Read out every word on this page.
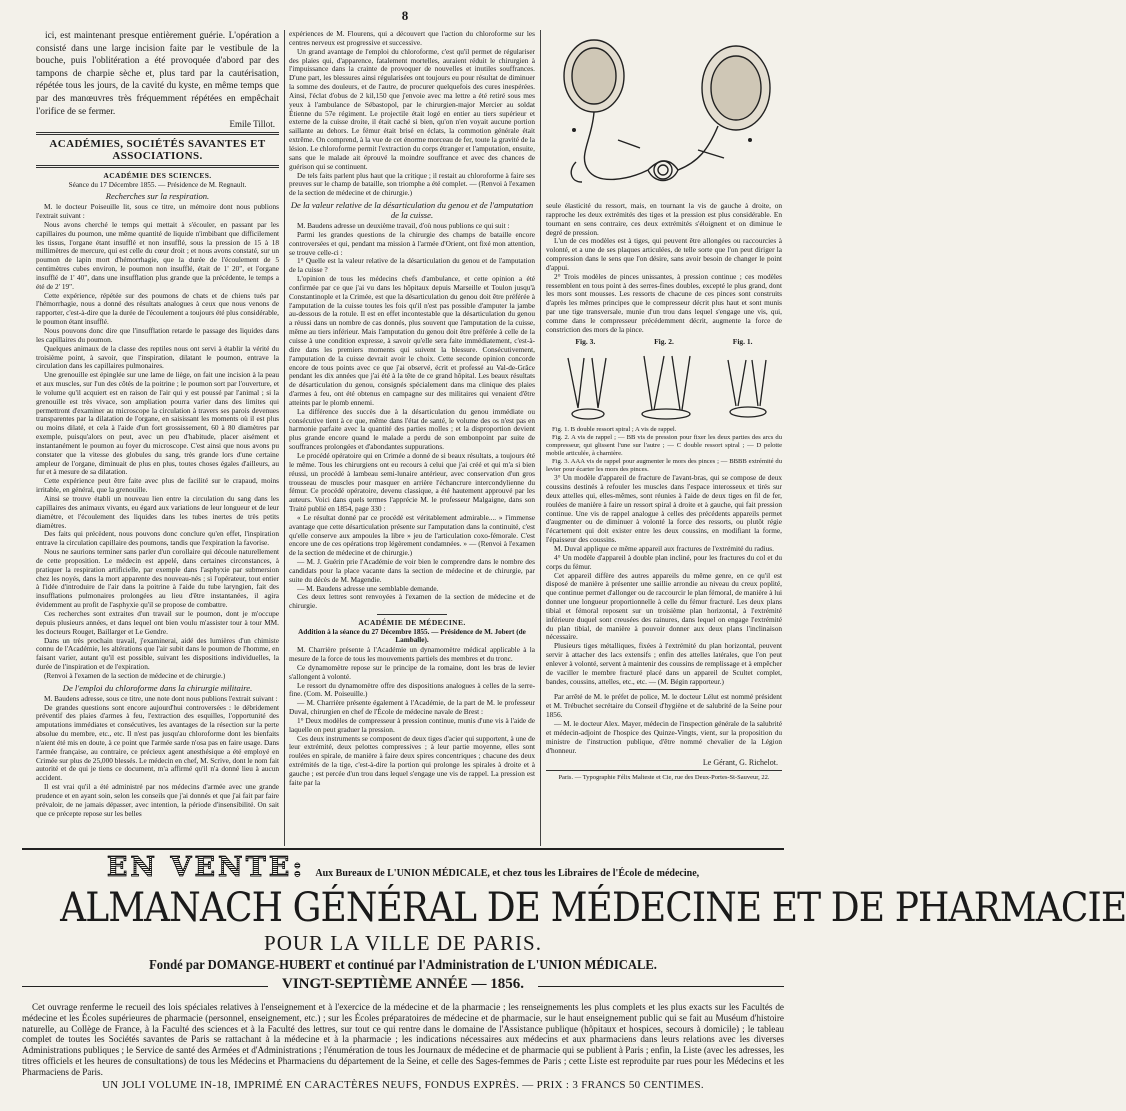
8

ici, est maintenant presque entièrement guérie. L'opération a consisté dans une large incision faite par le vestibule de la bouche, puis l'oblitération a été provoquée d'abord par des tampons de charpie sèche et, plus tard par la cautérisation, répétée tous les jours, de la cavité du kyste, en même temps que par des manœuvres très fréquemment répétées en empêchait l'orifice de se fermer.

Emile Tillot.
ACADÉMIES, SOCIÉTÉS SAVANTES ET ASSOCIATIONS.
ACADÉMIE DES SCIENCES.
Séance du 17 Décembre 1855. — Présidence de M. Regnault.
Recherches sur la respiration.

M. le docteur Poiseuille lit, sous ce titre, un mémoire dont nous publions l'extrait suivant :

Nous avons cherché le temps qui mettait à s'écouler, en passant par les capillaires du poumon, une même quantité de liquide n'imbibant que difficilement les tissus, l'organe étant insufflé et non insufflé, sous la pression de 15 à 18 millimètres de mercure, qui est celle du cœur droit ; et nous avons constaté, sur un poumon de lapin mort d'hémorrhagie, que la durée de l'écoulement de 5 centimètres cubes environ, le poumon non insufflé, était de 1' 20", et l'organe insufflé de 1' 40", dans une insufflation plus grande que la précédente, le temps a été de 2' 19".

Cette expérience, répétée sur des poumons de chats et de chiens tués par l'hémorrhagie, nous a donné des résultats analogues à ceux que nous venons de rapporter, c'est-à-dire que la durée de l'écoulement a toujours été plus considérable, le poumon étant insufflé.

Nous pouvons donc dire que l'insufflation retarde le passage des liquides dans les capillaires du poumon.

Quelques animaux de la classe des reptiles nous ont servi à établir la vérité du troisième point, à savoir, que l'inspiration, dilatant le poumon, entrave la circulation dans les capillaires pulmonaires.

Une grenouille est épinglée sur une lame de liège, on fait une incision à la peau et aux muscles, sur l'un des côtés de la poitrine ; le poumon sort par l'ouverture, et le volume qu'il acquiert est en raison de l'air qui y est poussé par l'animal ; si la grenouille est très vivace, son ampliation pourra varier dans des limites qui permettront d'examiner au microscope la circulation à travers ses parois devenues transparentes par la dilatation de l'organe, en saisissant les moments où il est plus ou moins dilaté, et cela à l'aide d'un fort grossissement, 60 à 80 diamètres par exemple, puisqu'alors on peut, avec un peu d'habitude, placer aisément et instantanément le poumon au foyer du microscope. C'est ainsi que nous avons pu constater que la vitesse des globules du sang, très grande lors d'une certaine ampleur de l'organe, diminuait de plus en plus, toutes choses égales d'ailleurs, au fur et à mesure de sa dilatation.

Cette expérience peut être faite avec plus de facilité sur le crapaud, moins irritable, en général, que la grenouille.

Ainsi se trouve établi un nouveau lien entre la circulation du sang dans les capillaires des animaux vivants, eu égard aux variations de leur longueur et de leur diamètre, et l'écoulement des liquides dans les tubes inertes de très petits diamètres.

Des faits qui précèdent, nous pouvons donc conclure qu'en effet, l'inspiration entrave la circulation capillaire des poumons, tandis que l'expiration la favorise.

Nous ne saurions terminer sans parler d'un corollaire qui découle naturellement de cette proposition. Le médecin est appelé, dans certaines circonstances, à pratiquer la respiration artificielle, par exemple dans l'asphyxie par submersion chez les noyés, dans la mort apparente des nouveau-nés ; si l'opérateur, tout entier à l'idée d'introduire de l'air dans la poitrine à l'aide du tube laryngien, fait des insufflations pulmonaires prolongées au lieu d'être instantanées, il agira évidemment au profit de l'asphyxie qu'il se propose de combattre.

Ces recherches sont extraites d'un travail sur le poumon, dont je m'occupe depuis plusieurs années, et dans lequel ont bien voulu m'assister tour à tour MM. les docteurs Rouget, Baillarger et Le Gendre.

Dans un très prochain travail, j'examinerai, aidé des lumières d'un chimiste connu de l'Académie, les altérations que l'air subit dans le poumon de l'homme, en faisant varier, autant qu'il est possible, suivant les dispositions individuelles, la durée de l'inspiration et de l'expiration.

(Renvoi à l'examen de la section de médecine et de chirurgie.)

De l'emploi du chloroforme dans la chirurgie militaire.

M. Baudens adresse, sous ce titre, une note dont nous publions l'extrait suivant :

De grandes questions sont encore aujourd'hui controversées : le débridement préventif des plaies d'armes à feu, l'extraction des esquilles, l'opportunité des amputations immédiates et consécutives, les avantages de la résection sur la perte absolue du membre, etc., etc. Il n'est pas jusqu'au chloroforme dont les bienfaits n'aient été mis en doute, à ce point que l'armée sarde n'osa pas en faire usage. Dans l'armée française, au contraire, ce précieux agent anesthésique a été employé en Crimée sur plus de 25,000 blessés. Le médecin en chef, M. Scrive, dont le nom fait autorité et de qui je tiens ce document, m'a affirmé qu'il n'a donné lieu à aucun accident.

Il est vrai qu'il a été administré par nos médecins d'armée avec une grande prudence et en ayant soin, selon les conseils que j'ai donnés et que j'ai fait par faire prévaloir, de ne jamais dépasser, avec intention, la période d'insensibilité. On sait que ce précepte repose sur les belles

expériences de M. Flourens, qui a découvert que l'action du chloroforme sur les centres nerveux est progressive et successive.

Un grand avantage de l'emploi du chloroforme, c'est qu'il permet de régulariser des plaies qui, d'apparence, fatalement mortelles, auraient réduit le chirurgien à l'impuissance dans la crainte de provoquer de nouvelles et inutiles souffrances. D'une part, les blessures ainsi régularisées ont toujours eu pour résultat de diminuer la somme des douleurs, et de l'autre, de procurer quelquefois des cures inespérées. Ainsi, l'éclat d'obus de 2 kil,150 que j'envoie avec ma lettre a été retiré sous mes yeux à l'ambulance de Sébastopol, par le chirurgien-major Mercier au soldat Étienne du 57e régiment. Le projectile était logé en entier au tiers supérieur et externe de la cuisse droite, il était caché si bien, qu'on n'en voyait aucune portion saillante au dehors. Le fémur était brisé en éclats, la commotion générale était extrême. On comprend, à la vue de cet énorme morceau de fer, toute la gravité de la lésion. Le chloroforme permit l'extraction du corps étranger et l'amputation, ensuite, sans que le malade ait éprouvé la moindre souffrance et avec des chances de guérison qui se continuent.

De tels faits parlent plus haut que la critique ; il restait au chloroforme à faire ses preuves sur le champ de bataille, son triomphe a été complet. — (Renvoi à l'examen de la section de médecine et de chirurgie.)

De la valeur relative de la désarticulation du genou et de l'amputation de la cuisse.

M. Baudens adresse un deuxième travail, d'où nous publions ce qui suit :

Parmi les grandes questions de la chirurgie des champs de bataille encore controversées et qui, pendant ma mission à l'armée d'Orient, ont fixé mon attention, se trouve celle-ci :

1° Quelle est la valeur relative de la désarticulation du genou et de l'amputation de la cuisse ?

L'opinion de tous les médecins chefs d'ambulance, et cette opinion a été confirmée par ce que j'ai vu dans les hôpitaux depuis Marseille et Toulon jusqu'à Constantinople et la Crimée, est que la désarticulation du genou doit être préférée à l'amputation de la cuisse toutes les fois qu'il n'est pas possible d'amputer la jambe au-dessous de la rotule. Il est en effet incontestable que la désarticulation du genou a réussi dans un nombre de cas donnés, plus souvent que l'amputation de la cuisse, même au tiers inférieur. Mais l'amputation du genou doit être préférée à celle de la cuisse à une condition expresse, à savoir qu'elle sera faite immédiatement, c'est-à-dire dans les premiers moments qui suivent la blessure. Consécutivement, l'amputation de la cuisse devrait avoir le choix. Cette seconde opinion concorde encore de tous points avec ce que j'ai observé, écrit et professé au Val-de-Grâce pendant les dix années que j'ai été à la tête de ce grand hôpital. Les beaux résultats de désarticulation du genou, consignés spécialement dans ma clinique des plaies d'armes à feu, ont été obtenus en campagne sur des militaires qui venaient d'être atteints par le plomb ennemi.

La différence des succès due à la désarticulation du genou immédiate ou consécutive tient à ce que, même dans l'état de santé, le volume des os n'est pas en harmonie parfaite avec la quantité des parties molles ; et la disproportion devient plus grande encore quand le malade a perdu de son embonpoint par suite de souffrances prolongées et d'abondantes suppurations.

Le procédé opératoire qui en Crimée a donné de si beaux résultats, a toujours été le même. Tous les chirurgiens ont eu recours à celui que j'ai créé et qui m'a si bien réussi, un procédé à lambeau semi-lunaire antérieur, avec conservation d'un gros trousseau de muscles pour masquer en arrière l'échancrure intercondylienne du fémur. Ce procédé opératoire, devenu classique, a été hautement approuvé par les auteurs. Voici dans quels termes l'apprécie M. le professeur Malgaigne, dans son Traité publié en 1854, page 330 :

« Le résultat donné par ce procédé est véritablement admirable.... » l'immense avantage que cette désarticulation présente sur l'amputation dans la continuité, c'est qu'elle conserve aux ampoules la libre » jeu de l'articulation coxo-fémorale. C'est encore une de ces opérations trop légèrement condamnées. » — (Renvoi à l'examen de la section de médecine et de chirurgie.)

— M. J. Guérin prie l'Académie de voir bien le comprendre dans le nombre des candidats pour la place vacante dans la section de médecine et de chirurgie, par suite du décès de M. Magendie.

— M. Baudens adresse une semblable demande.

Ces deux lettres sont renvoyées à l'examen de la section de médecine et de chirurgie.

ACADÉMIE DE MÉDECINE.
Addition à la séance du 27 Décembre 1855. — Présidence de M. Jobert (de Lamballe).

M. Charrière présente à l'Académie un dynamomètre médical applicable à la mesure de la force de tous les mouvements partiels des membres et du tronc.

Ce dynamomètre repose sur le principe de la romaine, dont les bras de levier s'allongent à volonté.

Le ressort du dynamomètre offre des dispositions analogues à celles de la serre-fine. (Com. M. Poiseuille.)

— M. Charrière présente également à l'Académie, de la part de M. le professeur Duval, chirurgien en chef de l'École de médecine navale de Brest :

1° Deux modèles de compresseur à pression continue, munis d'une vis à l'aide de laquelle on peut graduer la pression.

Ces deux instruments se composent de deux tiges d'acier qui supportent, à une de leur extrémité, deux pelottes compressives ; à leur partie moyenne, elles sont roulées en spirale, de manière à faire deux spires concentriques ; chacune des deux extrémités de la tige, c'est-à-dire la portion qui prolonge les spirales à droite et à gauche ; est percée d'un trou dans lequel s'engage une vis de rappel. La pression est faite par la

seule élasticité du ressort, mais, en tournant la vis de gauche à droite, on rapproche les deux extrémités des tiges et la pression est plus considérable. En tournant en sens contraire, ces deux extrémités s'éloignent et on diminue le degré de pression.

L'un de ces modèles est à tiges, qui peuvent être allongées ou raccourcies à volonté, et a une de ses plaques articulées, de telle sorte que l'on peut diriger la compression dans le sens que l'on désire, sans avoir besoin de changer le point d'appui.

2° Trois modèles de pinces unissantes, à pression continue ; ces modèles ressemblent en tous point à des serres-fines doubles, excepté le plus grand, dont les mors sont mousses. Les ressorts de chacune de ces pinces sont construits d'après les mêmes principes que le compresseur décrit plus haut et sont munis par une tige transversale, munie d'un trou dans lequel s'engage une vis, qui, comme dans le compresseur précédemment décrit, augmente la force de constriction des mors de la pince.

Fig. 3.	Fig. 2.	Fig. 1.

Fig. 1. B double ressort spiral ; A vis de rappel.

Fig. 2. A vis de rappel ; — BB vis de pression pour fixer les deux parties des arcs du compresseur, qui glissent l'une sur l'autre ; — C double ressort spiral ; — D pelotte mobile articulée, à charnière.

Fig. 3. AAA vis de rappel pour augmenter le mors des pinces ; — BBBB extrémité du levier pour écarter les mors des pinces.

3° Un modèle d'appareil de fracture de l'avant-bras, qui se compose de deux coussins destinés à refouler les muscles dans l'espace interosseux et tirés sur deux attelles qui, elles-mêmes, sont réunies à l'aide de deux tiges en fil de fer, roulées de manière à faire un ressort spiral à droite et à gauche, qui fait pression continue. Une vis de rappel analogue à celles des précédents appareils permet d'augmenter ou de diminuer à volonté la force des ressorts, ou plutôt régie l'écartement qui doit exister entre les deux coussins, en modifiant la forme, l'épaisseur des coussins.

M. Duval applique ce même appareil aux fractures de l'extrémité du radius.

4° Un modèle d'appareil à double plan incliné, pour les fractures du col et du corps du fémur.

Cet appareil diffère des autres appareils du même genre, en ce qu'il est disposé de manière à présenter une saillie arrondie au niveau du creux poplité, que continue permet d'allonger ou de raccourcir le plan fémoral, de manière à lui donner une longueur proportionnelle à celle du fémur fracturé. Les deux plans tibial et fémoral reposent sur un troisième plan horizontal, à l'extrémité inférieure duquel sont creusées des rainures, dans lequel on engage l'extrémité du plan tibial, de manière à pouvoir donner aux deux plans l'inclinaison nécessaire.

Plusieurs tiges métalliques, fixées à l'extrémité du plan horizontal, peuvent servir à attacher des lacs extensifs ; enfin des attelles latérales, que l'on peut enlever à volonté, servent à maintenir des coussins de remplissage et à empêcher de vaciller le membre fracturé placé dans un appareil de Scultet complet, bandes, coussins, attelles, etc., etc. — (M. Bégin rapporteur.)

Par arrêté de M. le préfet de police, M. le docteur Lélut est nommé président et M. Trébuchet secrétaire du Conseil d'hygiène et de salubrité de la Seine pour 1856.

— M. le docteur Alex. Mayer, médecin de l'inspection générale de la salubrité et médecin-adjoint de l'hospice des Quinze-Vingts, vient, sur la proposition du ministre de l'instruction publique, d'être nommé chevalier de la Légion d'honneur.

Le Gérant, G. Richelot.
Paris. — Typographie Félix Malteste et Cie, rue des Deux-Portes-St-Sauveur, 22.
EN VENTE: Aux Bureaux de L'UNION MÉDICALE, et chez tous les Libraires de l'École de médecine,
ALMANACH GÉNÉRAL DE MÉDECINE ET DE PHARMACIE
POUR LA VILLE DE PARIS.
Fondé par DOMANGE-HUBERT et continué par l'Administration de L'UNION MÉDICALE.
VINGT-SEPTIÈME ANNÉE — 1856.

Cet ouvrage renferme le recueil des lois spéciales relatives à l'enseignement et à l'exercice de la médecine et de la pharmacie ; les renseignements les plus complets et les plus exacts sur les Facultés de médecine et les Écoles supérieures de pharmacie (personnel, enseignement, etc.) ; sur les Écoles préparatoires de médecine et de pharmacie, sur le haut enseignement public qui se fait au Muséum d'histoire naturelle, au Collège de France, à la Faculté des sciences et à la Faculté des lettres, sur tout ce qui rentre dans le domaine de l'Assistance publique (hôpitaux et hospices, secours à domicile) ; le tableau complet de toutes les Sociétés savantes de Paris se rattachant à la médecine et à la pharmacie ; les indications nécessaires aux médecins et aux pharmaciens dans leurs relations avec les diverses Administrations publiques ; le Service de santé des Armées et d'Administrations ; l'énumération de tous les Journaux de médecine et de pharmacie qui se publient à Paris ; enfin, la Liste (avec les adresses, les titres officiels et les heures de consultations) de tous les Médecins et Pharmaciens du département de la Seine, et celle des Sages-femmes de Paris ; cette Liste est reproduite par rues pour les Médecins et les Pharmaciens de Paris.

UN JOLI VOLUME IN-18, IMPRIMÉ EN CARACTÈRES NEUFS, FONDUS EXPRÈS. — PRIX : 3 FRANCS 50 CENTIMES.
